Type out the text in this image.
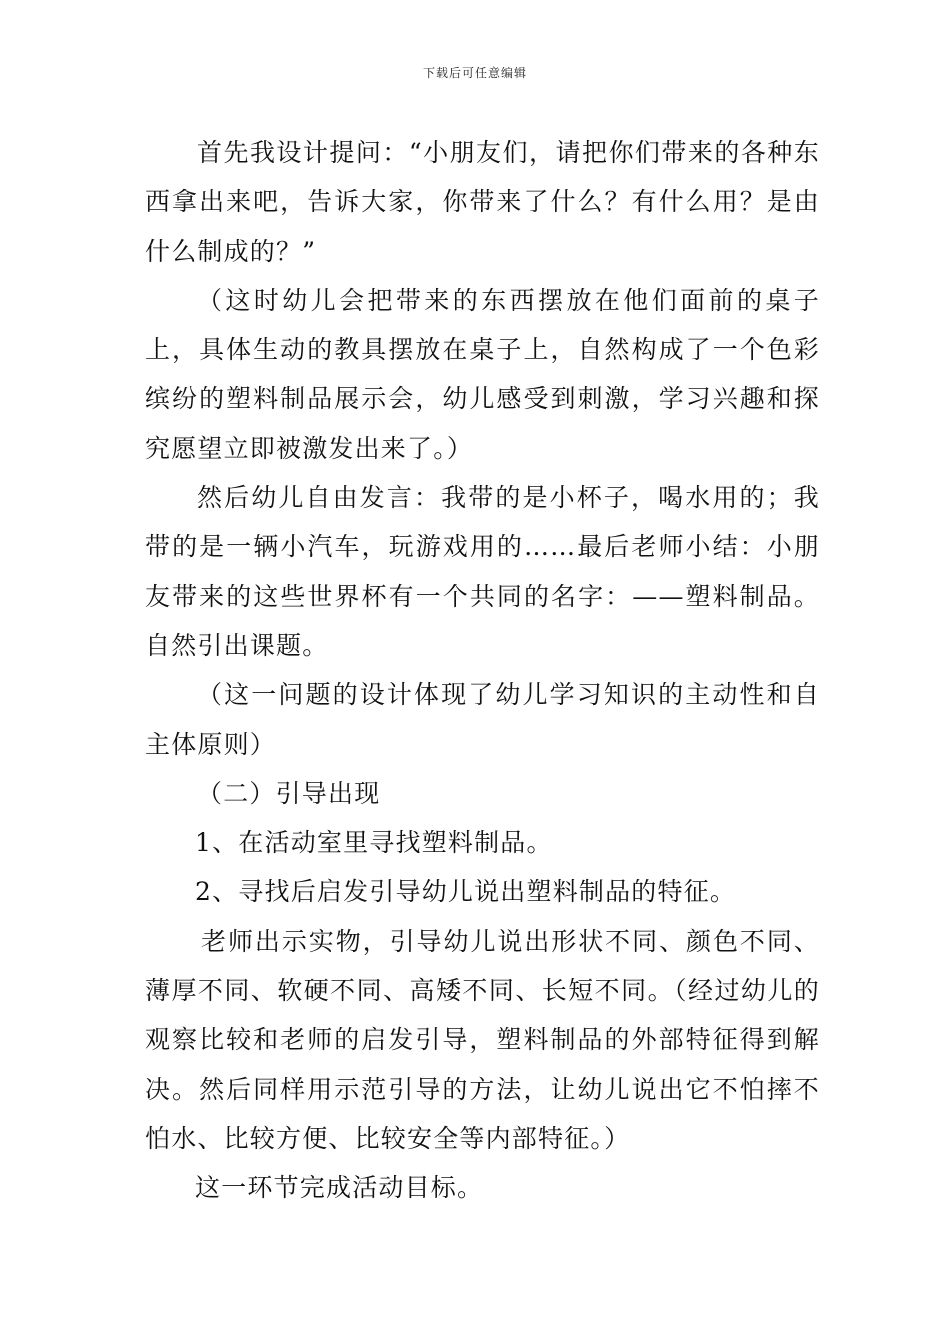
下载后可任意编辑

首先我设计提问：“小朋友们，请把你们带来的各种东西拿出来吧，告诉大家，你带来了什么？有什么用？是由什么制成的？”

（这时幼儿会把带来的东西摆放在他们面前的桌子上，具体生动的教具摆放在桌子上，自然构成了一个色彩缤纷的塑料制品展示会，幼儿感受到刺激，学习兴趣和探究愿望立即被激发出来了。）

然后幼儿自由发言：我带的是小杯子，喝水用的；我带的是一辆小汽车，玩游戏用的……最后老师小结：小朋友带来的这些世界杯有一个共同的名字：——塑料制品。自然引出课题。

（这一问题的设计体现了幼儿学习知识的主动性和自主体原则）

（二）引导出现

1、在活动室里寻找塑料制品。

2、寻找后启发引导幼儿说出塑料制品的特征。

老师出示实物，引导幼儿说出形状不同、颜色不同、薄厚不同、软硬不同、高矮不同、长短不同。（经过幼儿的观察比较和老师的启发引导，塑料制品的外部特征得到解决。然后同样用示范引导的方法，让幼儿说出它不怕摔不怕水、比较方便、比较安全等内部特征。）

这一环节完成活动目标。
